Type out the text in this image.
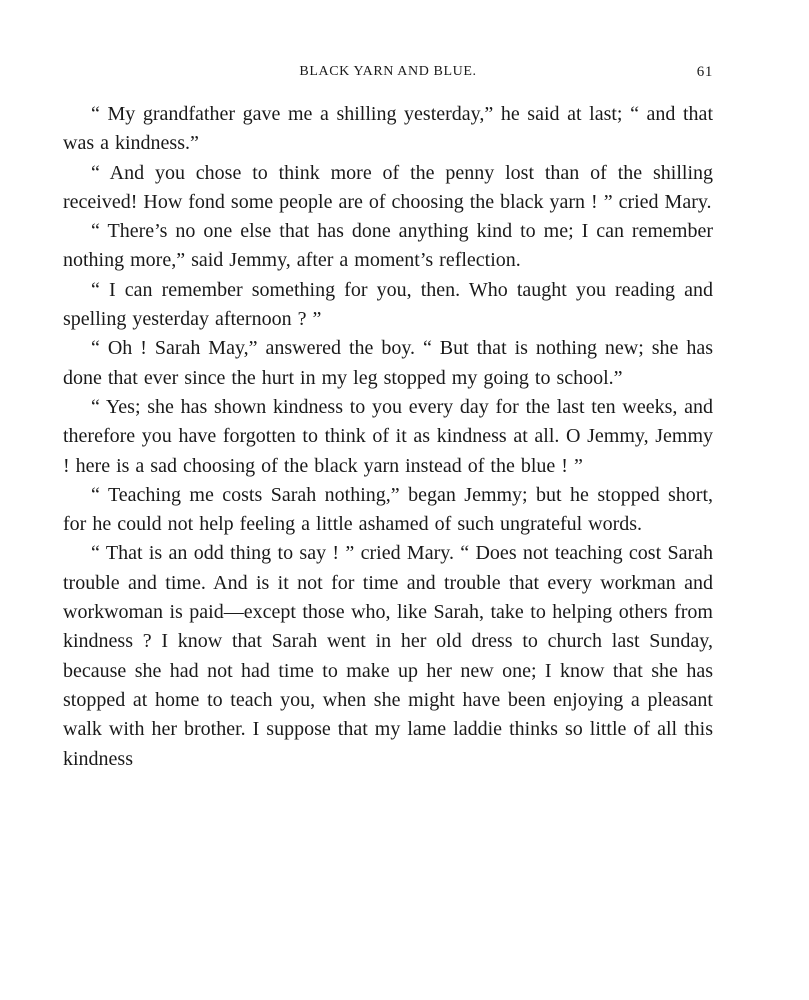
BLACK YARN AND BLUE.	61

“ My grandfather gave me a shilling yesterday,” he said at last; “ and that was a kindness.”

“ And you chose to think more of the penny lost than of the shilling received! How fond some people are of choosing the black yarn ! ” cried Mary.

“ There’s no one else that has done anything kind to me; I can remember nothing more,” said Jemmy, after a moment’s reflection.

“ I can remember something for you, then. Who taught you reading and spelling yesterday afternoon ? ”

“ Oh ! Sarah May,” answered the boy. “ But that is nothing new; she has done that ever since the hurt in my leg stopped my going to school.”

“ Yes; she has shown kindness to you every day for the last ten weeks, and therefore you have forgotten to think of it as kindness at all. O Jemmy, Jemmy ! here is a sad choosing of the black yarn instead of the blue ! ”

“ Teaching me costs Sarah nothing,” began Jemmy; but he stopped short, for he could not help feeling a little ashamed of such ungrateful words.

“ That is an odd thing to say ! ” cried Mary. “ Does not teaching cost Sarah trouble and time. And is it not for time and trouble that every workman and workwoman is paid—except those who, like Sarah, take to helping others from kindness ? I know that Sarah went in her old dress to church last Sunday, because she had not had time to make up her new one; I know that she has stopped at home to teach you, when she might have been enjoying a pleasant walk with her brother. I suppose that my lame laddie thinks so little of all this kindness
